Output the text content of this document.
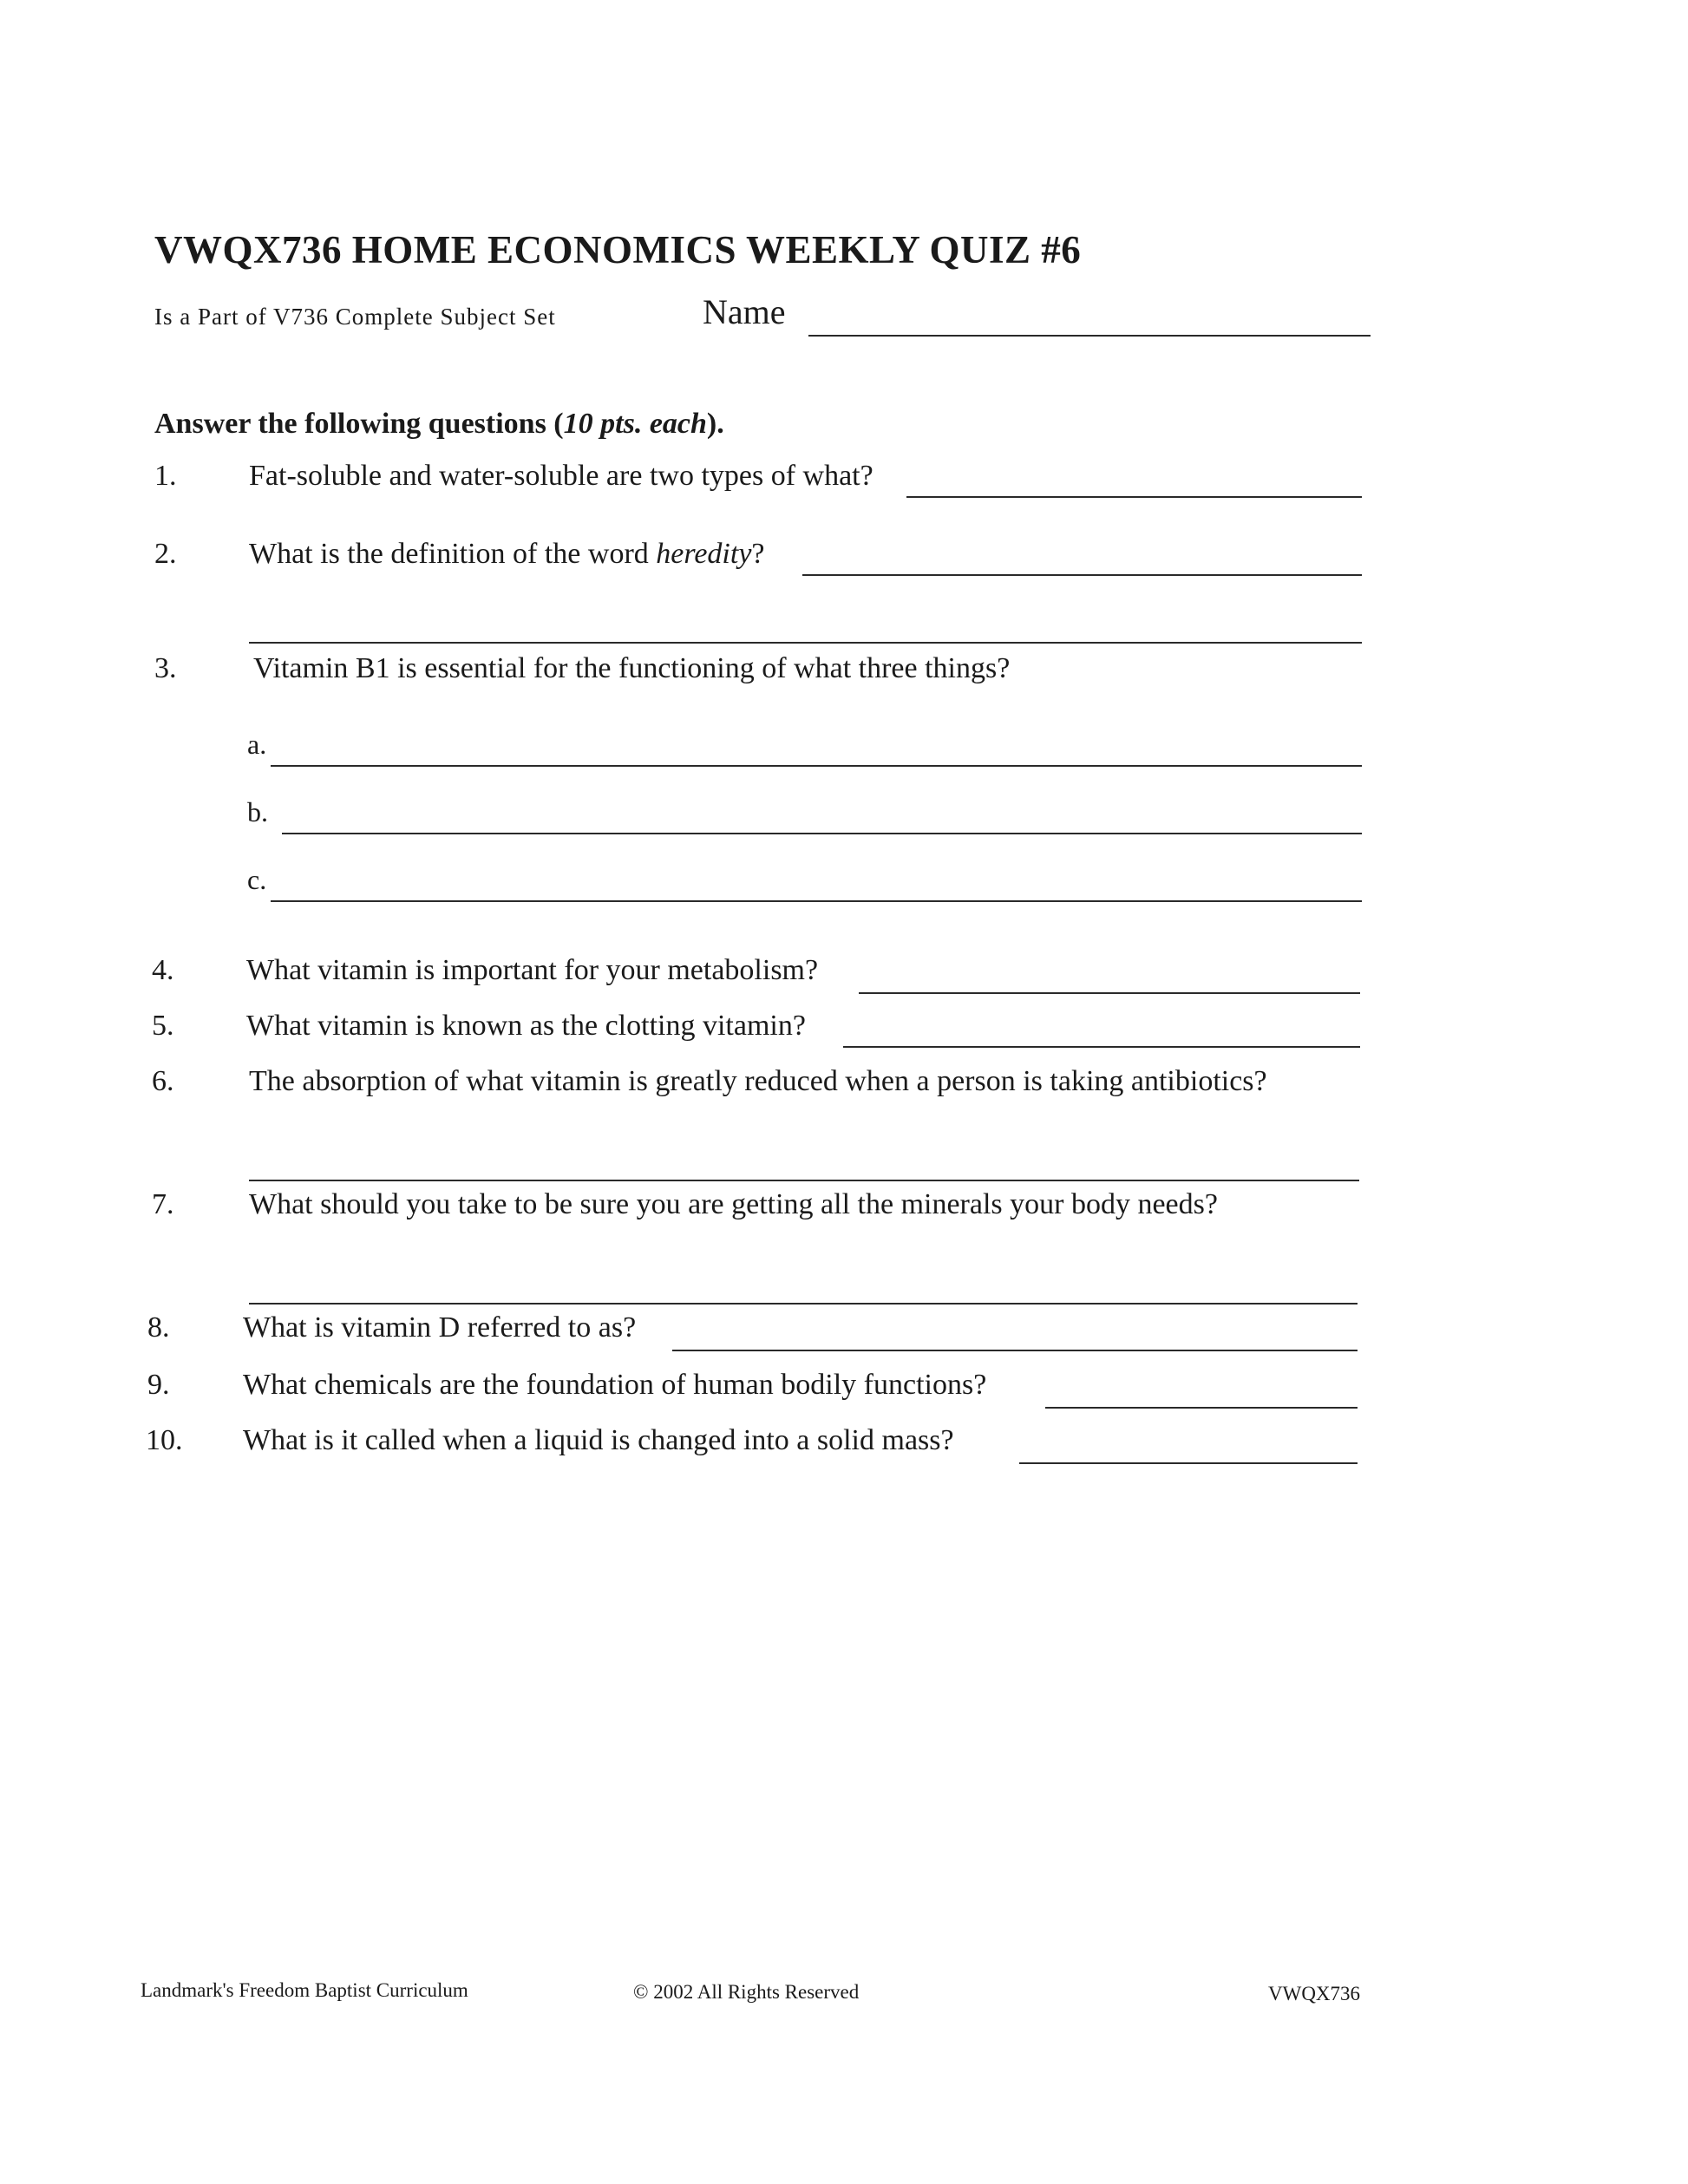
VWQX736 HOME ECONOMICS WEEKLY QUIZ #6
Is a Part of V736 Complete Subject Set	Name
Answer the following questions (10 pts. each).
1. Fat-soluble and water-soluble are two types of what?
2. What is the definition of the word heredity?
3.	Vitamin B1 is essential for the functioning of what three things?
a.
b.
c.
4. What vitamin is important for your metabolism?
5. What vitamin is known as the clotting vitamin?
6.	The absorption of what vitamin is greatly reduced when a person is taking antibiotics?
7.	What should you take to be sure you are getting all the minerals your body needs?
8. What is vitamin D referred to as?
9. What chemicals are the foundation of human bodily functions?
10. What is it called when a liquid is changed into a solid mass?
Landmark's Freedom Baptist Curriculum	© 2002 All Rights Reserved	VWQX736
